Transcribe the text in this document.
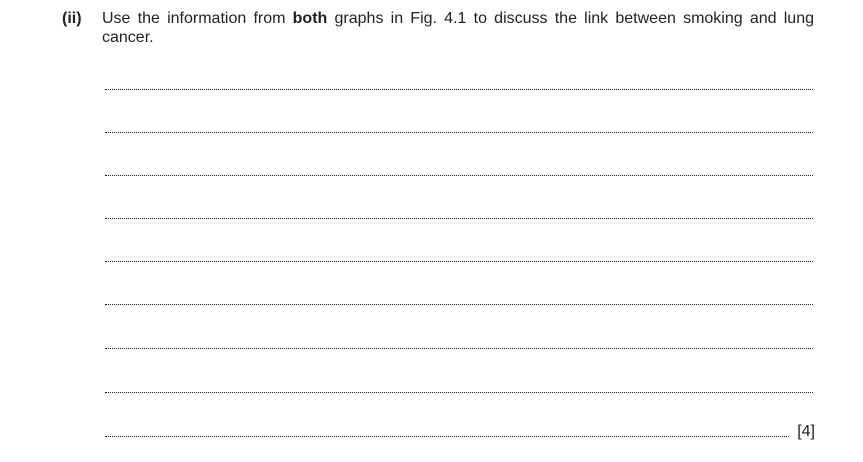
(ii) Use the information from both graphs in Fig. 4.1 to discuss the link between smoking and lung cancer.
[4]
